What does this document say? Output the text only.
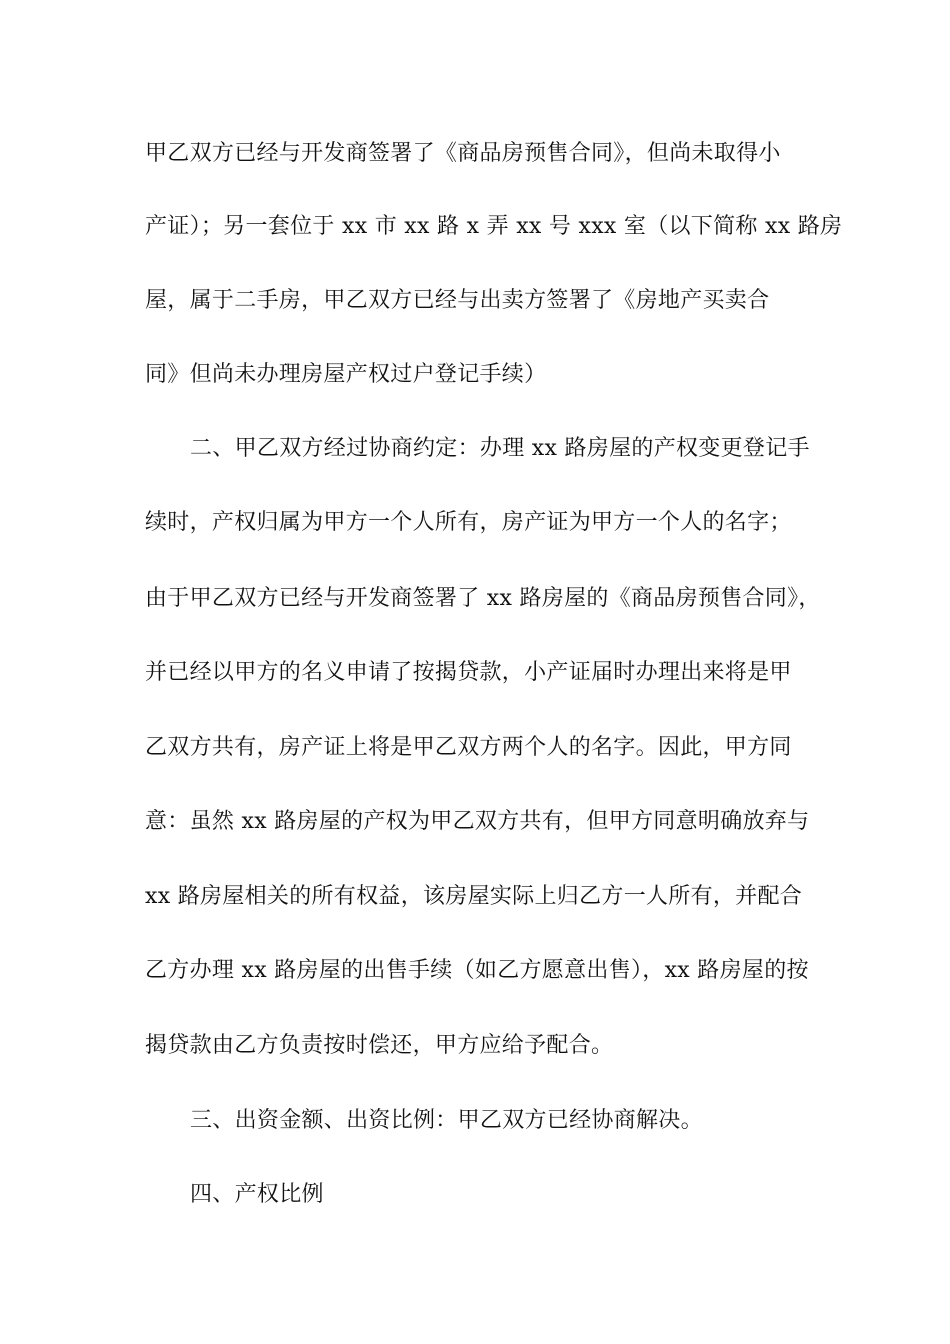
甲乙双方已经与开发商签署了《商品房预售合同》，但尚未取得小
产证）；另一套位于 xx 市 xx 路 x 弄 xx 号 xxx 室（以下简称 xx 路房
屋，属于二手房，甲乙双方已经与出卖方签署了《房地产买卖合
同》但尚未办理房屋产权过户登记手续）
二、甲乙双方经过协商约定：办理 xx 路房屋的产权变更登记手
续时，产权归属为甲方一个人所有，房产证为甲方一个人的名字；
由于甲乙双方已经与开发商签署了 xx 路房屋的《商品房预售合同》，
并已经以甲方的名义申请了按揭贷款，小产证届时办理出来将是甲
乙双方共有，房产证上将是甲乙双方两个人的名字。因此，甲方同
意：虽然 xx 路房屋的产权为甲乙双方共有，但甲方同意明确放弃与
xx 路房屋相关的所有权益，该房屋实际上归乙方一人所有，并配合
乙方办理 xx 路房屋的出售手续（如乙方愿意出售），xx 路房屋的按
揭贷款由乙方负责按时偿还，甲方应给予配合。
三、出资金额、出资比例：甲乙双方已经协商解决。
四、产权比例
